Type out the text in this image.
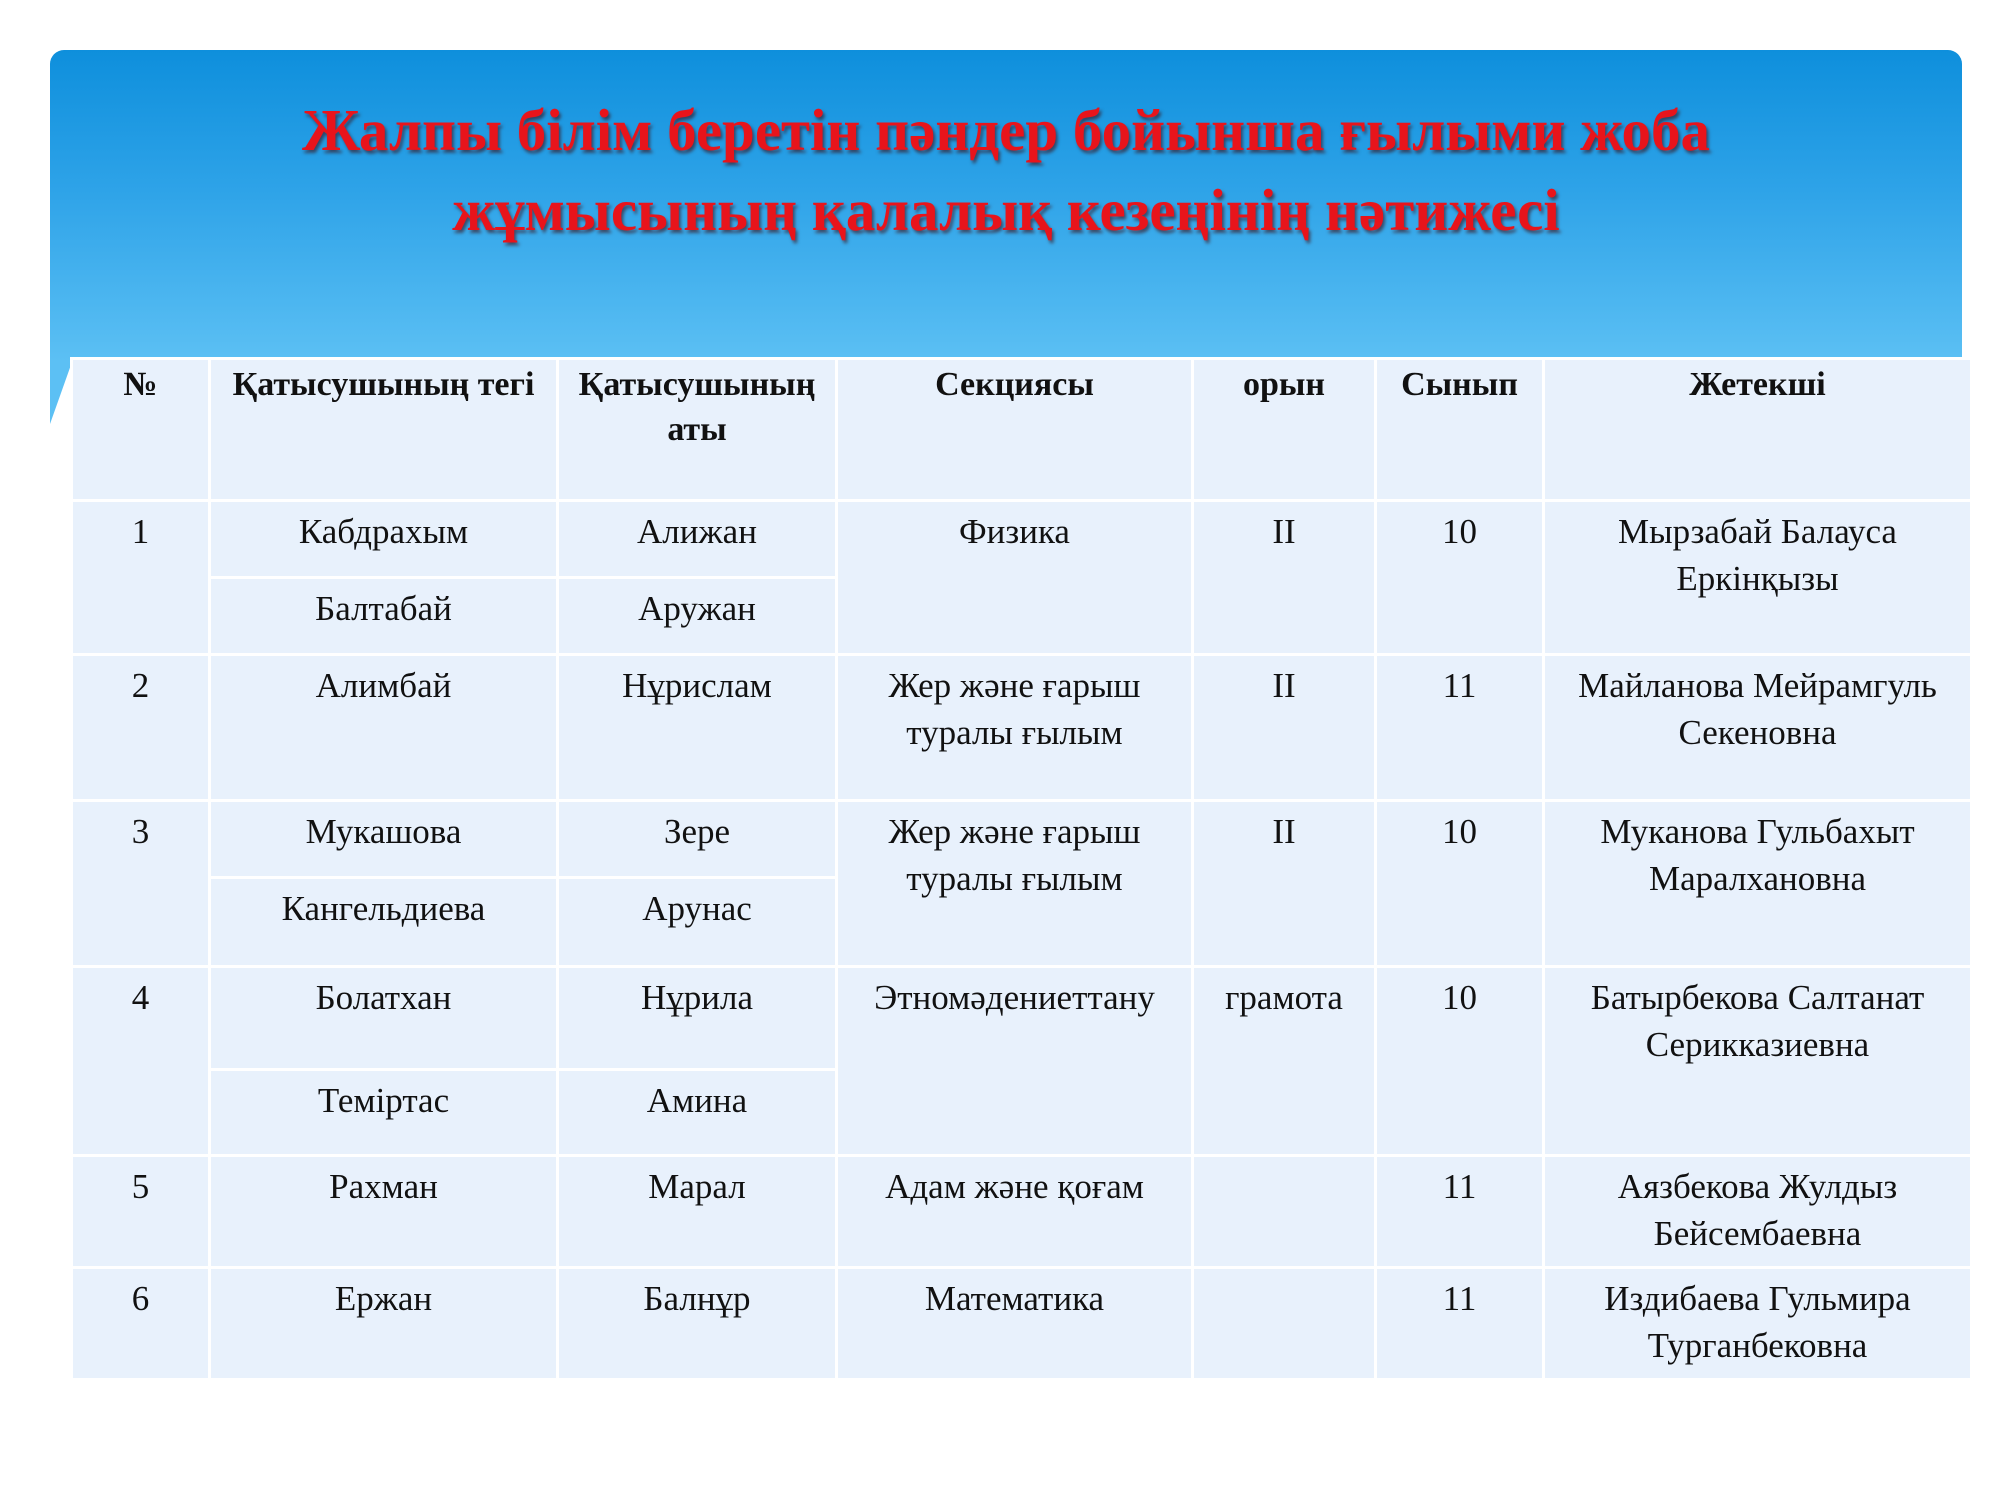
Жалпы білім беретін пәндер бойынша ғылыми жоба
жұмысының қалалық кезеңінің нәтижесі
№	Қатысушының тегі	Қатысушының аты	Секциясы	орын	Сынып	Жетекші
1	Кабдрахым	Алижан	Физика	II	10	Мырзабай Балауса Еркінқызы
	Балтабай	Аружан				
2	Алимбай	Нұрислам	Жер және ғарыш туралы ғылым	II	11	Майланова Мейрамгуль Секеновна
3	Мукашова	Зере	Жер және ғарыш туралы ғылым	II	10	Муканова Гульбахыт Маралхановна
	Кангельдиева	Арунас				
4	Болатхан	Нұрила	Этномәдениеттану	грамота	10	Батырбекова Салтанат Серикказиевна
	Теміртас	Амина				
5	Рахман	Марал	Адам және қоғам		11	Аязбекова Жулдыз Бейсембаевна
6	Ержан	Балнұр	Математика		11	Издибаева Гульмира Турганбековна
